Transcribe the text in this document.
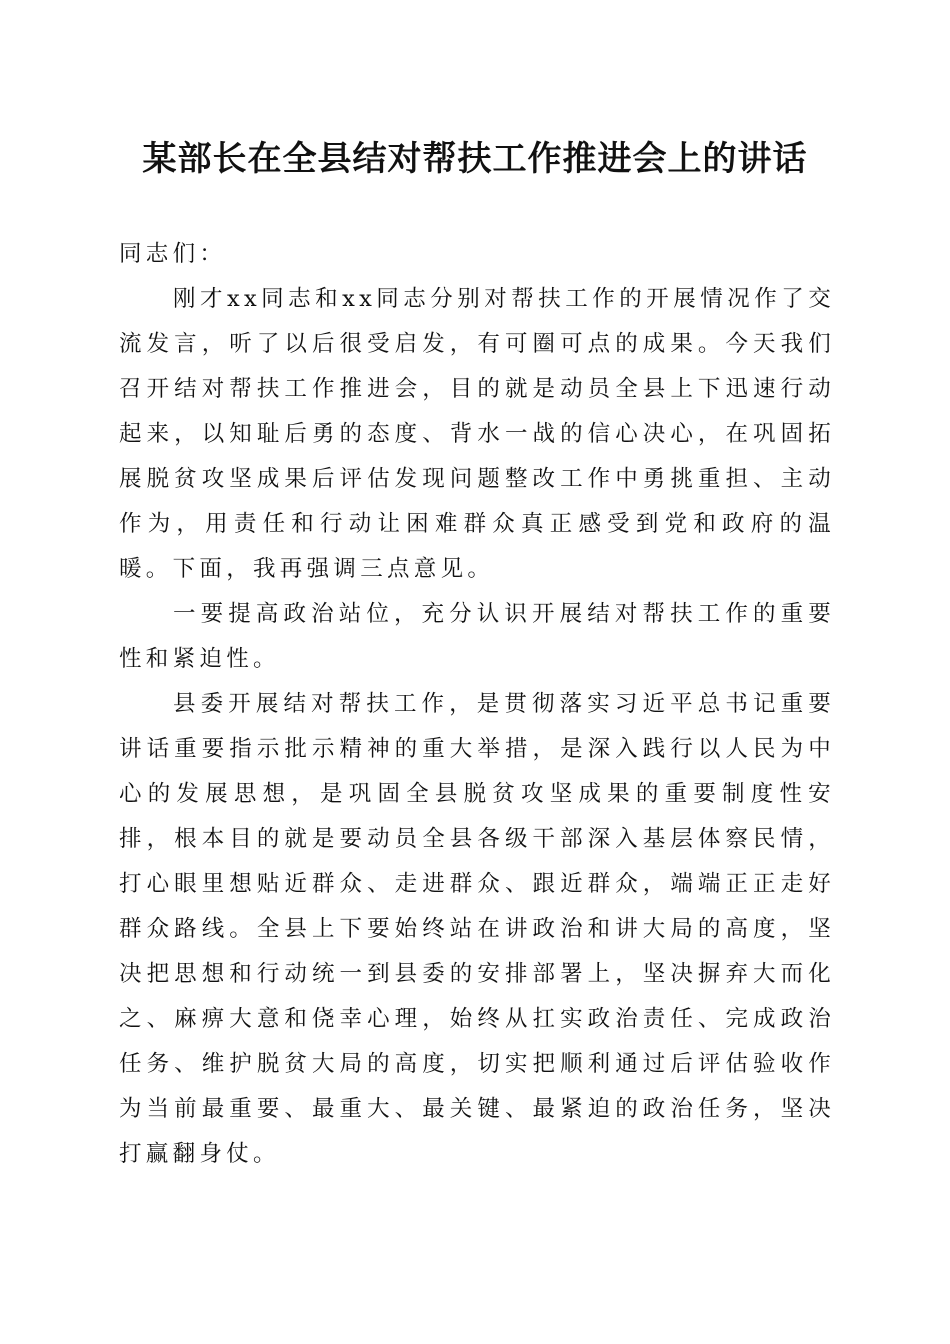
某部长在全县结对帮扶工作推进会上的讲话

同志们：

刚才xx同志和xx同志分别对帮扶工作的开展情况作了交流发言，听了以后很受启发，有可圈可点的成果。今天我们召开结对帮扶工作推进会，目的就是动员全县上下迅速行动起来，以知耻后勇的态度、背水一战的信心决心，在巩固拓展脱贫攻坚成果后评估发现问题整改工作中勇挑重担、主动作为，用责任和行动让困难群众真正感受到党和政府的温暖。下面，我再强调三点意见。

一要提高政治站位，充分认识开展结对帮扶工作的重要性和紧迫性。

县委开展结对帮扶工作，是贯彻落实习近平总书记重要讲话重要指示批示精神的重大举措，是深入践行以人民为中心的发展思想，是巩固全县脱贫攻坚成果的重要制度性安排，根本目的就是要动员全县各级干部深入基层体察民情，打心眼里想贴近群众、走进群众、跟近群众，端端正正走好群众路线。全县上下要始终站在讲政治和讲大局的高度，坚决把思想和行动统一到县委的安排部署上，坚决摒弃大而化之、麻痹大意和侥幸心理，始终从扛实政治责任、完成政治任务、维护脱贫大局的高度，切实把顺利通过后评估验收作为当前最重要、最重大、最关键、最紧迫的政治任务，坚决打赢翻身仗。
